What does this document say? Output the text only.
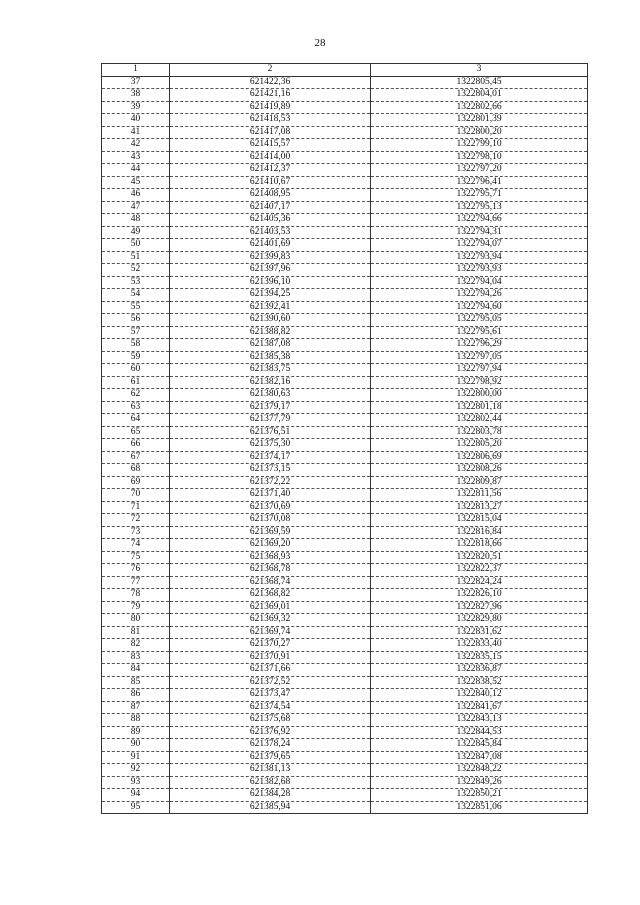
28
1	2	3
37	621422,36	1322805,45
38	621421,16	1322804,01
39	621419,89	1322802,66
40	621418,53	1322801,39
41	621417,08	1322800,20
42	621415,57	1322799,10
43	621414,00	1322798,10
44	621412,37	1322797,20
45	621410,67	1322796,41
46	621408,95	1322795,71
47	621407,17	1322795,13
48	621405,36	1322794,66
49	621403,53	1322794,31
50	621401,69	1322794,07
51	621399,83	1322793,94
52	621397,96	1322793,93
53	621396,10	1322794,04
54	621394,25	1322794,26
55	621392,41	1322794,60
56	621390,60	1322795,05
57	621388,82	1322795,61
58	621387,08	1322796,29
59	621385,38	1322797,05
60	621383,75	1322797,94
61	621382,16	1322798,92
62	621380,63	1322800,00
63	621379,17	1322801,18
64	621377,79	1322802,44
65	621376,51	1322803,78
66	621375,30	1322805,20
67	621374,17	1322806,69
68	621373,15	1322808,26
69	621372,22	1322809,87
70	621371,40	1322811,56
71	621370,69	1322813,27
72	621370,08	1322815,04
73	621369,59	1322816,84
74	621369,20	1322818,66
75	621368,93	1322820,51
76	621368,78	1322822,37
77	621368,74	1322824,24
78	621368,82	1322826,10
79	621369,01	1322827,96
80	621369,32	1322829,80
81	621369,74	1322831,62
82	621370,27	1322833,40
83	621370,91	1322835,15
84	621371,66	1322836,87
85	621372,52	1322838,52
86	621373,47	1322840,12
87	621374,54	1322841,67
88	621375,68	1322843,13
89	621376,92	1322844,53
90	621378,24	1322845,84
91	621379,65	1322847,08
92	621381,13	1322848,22
93	621382,68	1322849,26
94	621384,28	1322850,21
95	621385,94	1322851,06
